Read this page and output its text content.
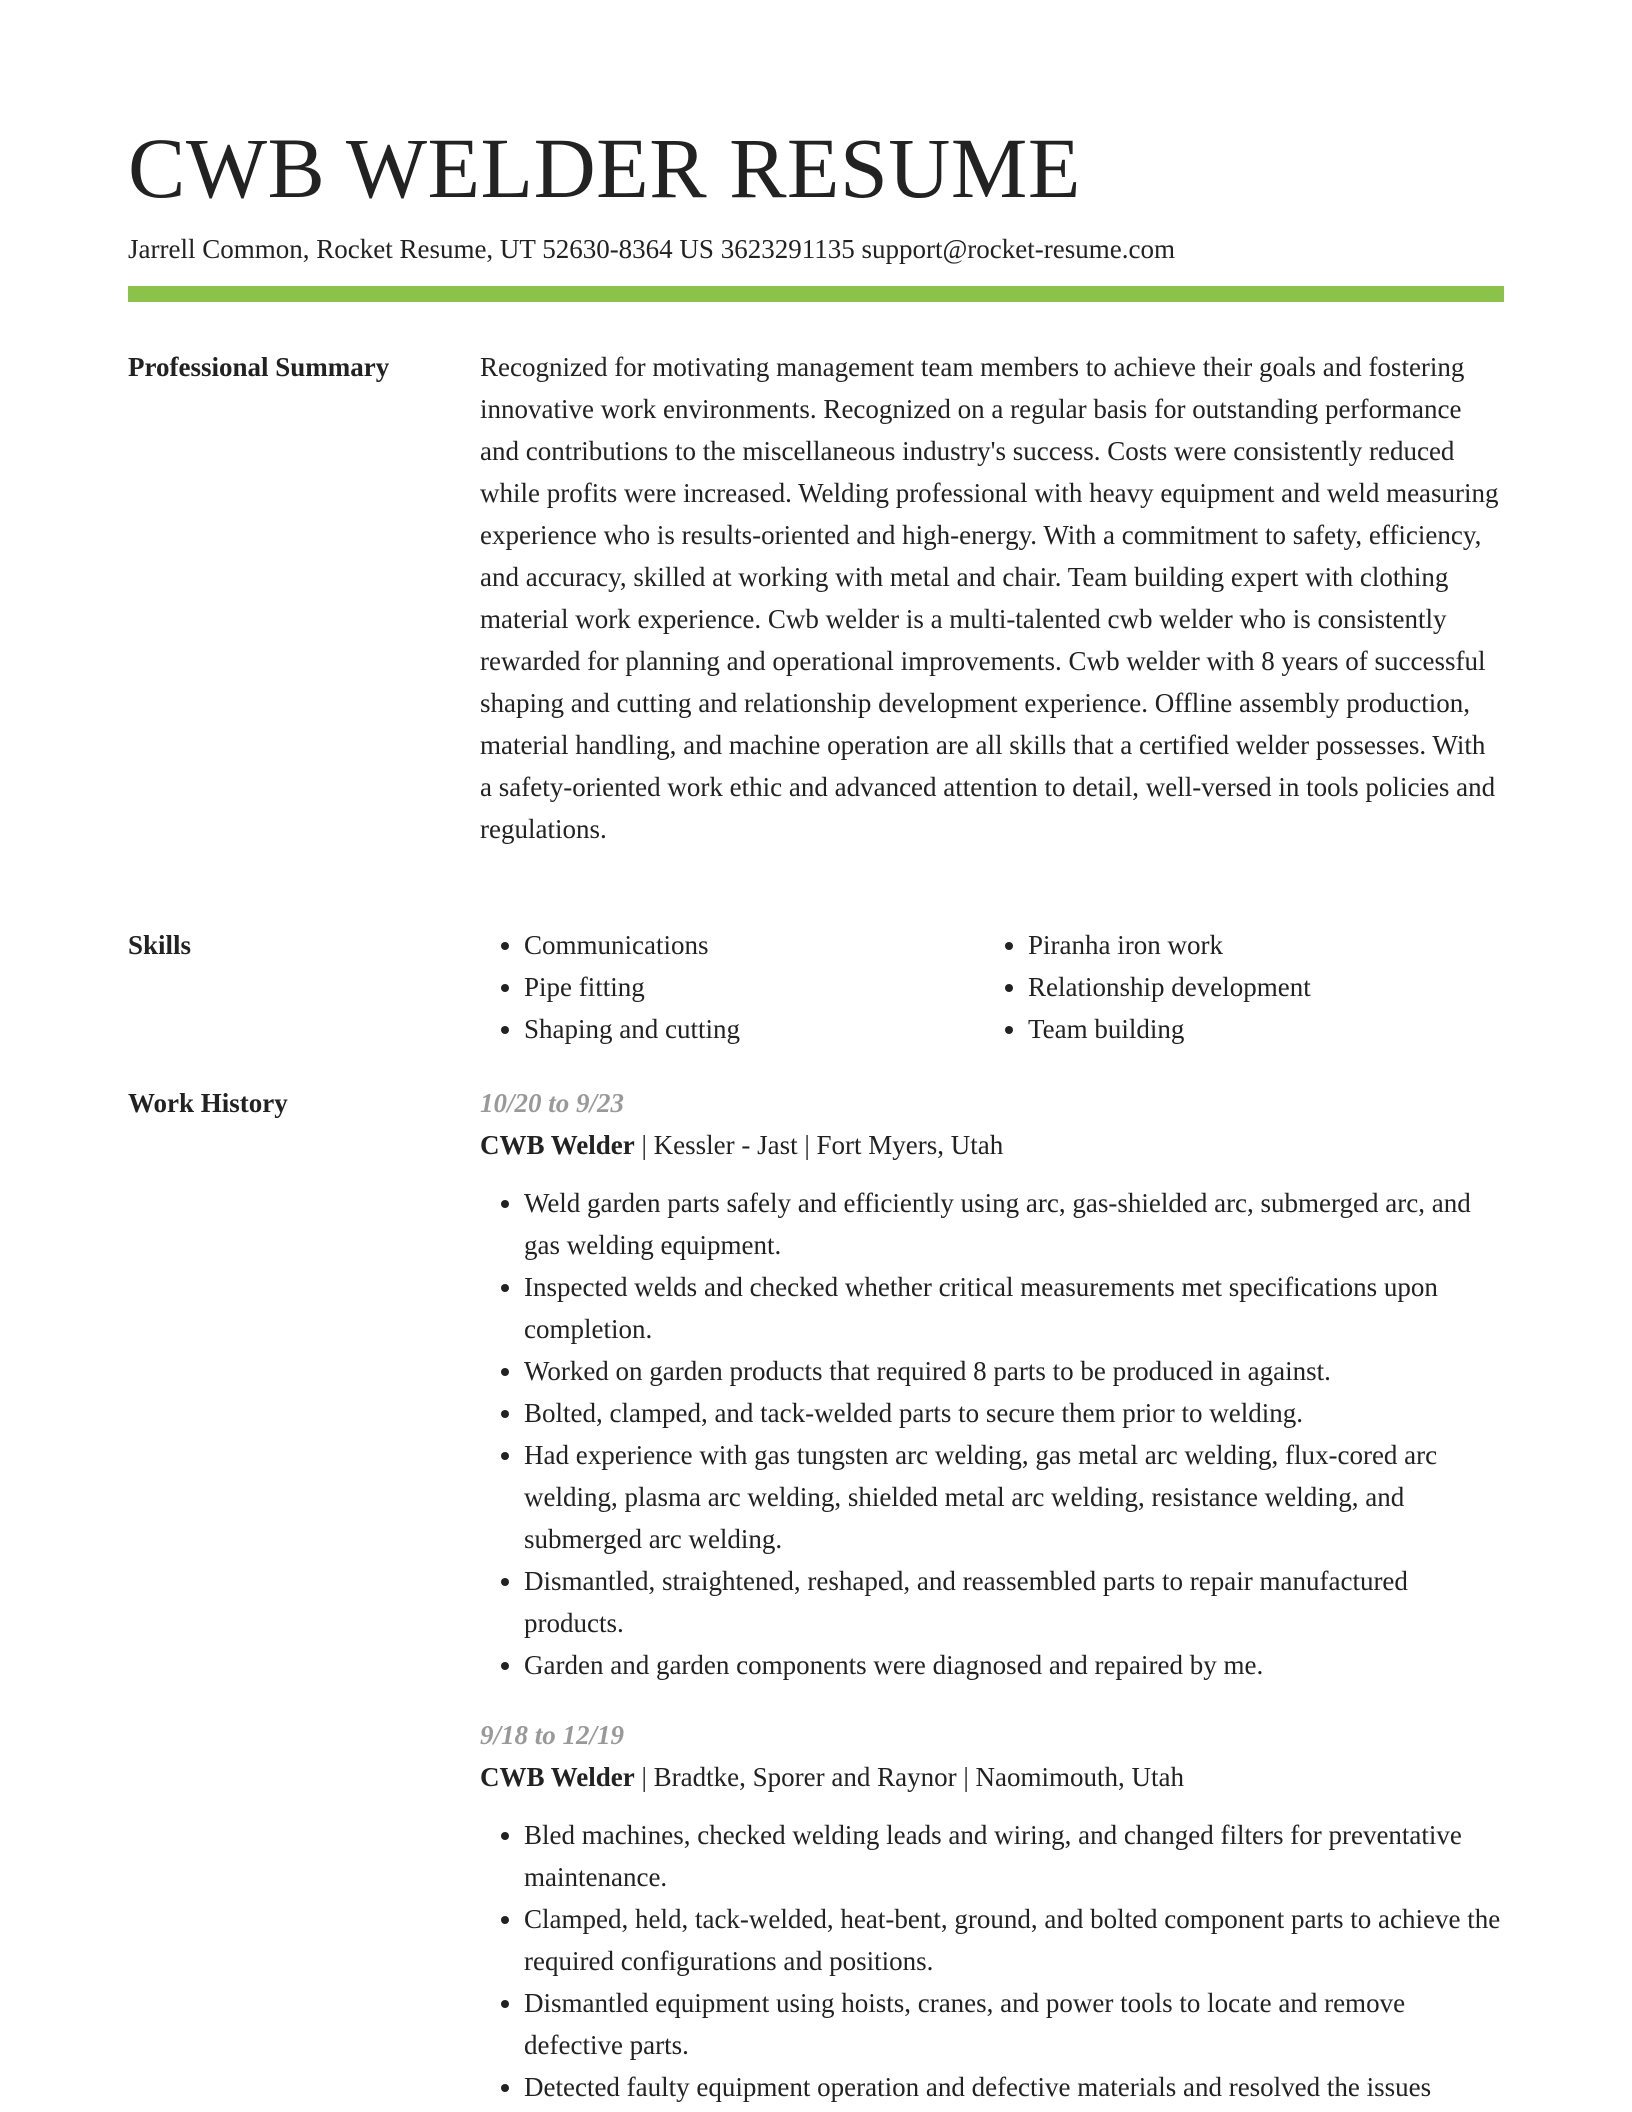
CWB WELDER RESUME
Jarrell Common, Rocket Resume, UT 52630-8364 US 3623291135 support@rocket-resume.com
Professional Summary	Recognized for motivating management team members to achieve their goals and fostering innovative work environments. Recognized on a regular basis for outstanding performance and contributions to the miscellaneous industry's success. Costs were consistently reduced while profits were increased. Welding professional with heavy equipment and weld measuring experience who is results-oriented and high-energy. With a commitment to safety, efficiency, and accuracy, skilled at working with metal and chair. Team building expert with clothing material work experience. Cwb welder is a multi-talented cwb welder who is consistently rewarded for planning and operational improvements. Cwb welder with 8 years of successful shaping and cutting and relationship development experience. Offline assembly production, material handling, and machine operation are all skills that a certified welder possesses. With a safety-oriented work ethic and advanced attention to detail, well-versed in tools policies and regulations.

Skills
•	Communications
• Pipe fitting
• Shaping and cutting
• Piranha iron work
• Relationship development
• Team building
Work History	10/20 to 9/23
CWB Welder | Kessler - Jast | Fort Myers, Utah
• Weld garden parts safely and efficiently using arc, gas-shielded arc, submerged arc, and gas welding equipment.
• Inspected welds and checked whether critical measurements met specifications upon completion.
• Worked on garden products that required 8 parts to be produced in against.
• Bolted, clamped, and tack-welded parts to secure them prior to welding.
• Had experience with gas tungsten arc welding, gas metal arc welding, flux-cored arc welding, plasma arc welding, shielded metal arc welding, resistance welding, and submerged arc welding.
• Dismantled, straightened, reshaped, and reassembled parts to repair manufactured products.
• Garden and garden components were diagnosed and repaired by me.
9/18 to 12/19
CWB Welder | Bradtke, Sporer and Raynor | Naomimouth, Utah
• Bled machines, checked welding leads and wiring, and changed filters for preventative maintenance.
• Clamped, held, tack-welded, heat-bent, ground, and bolted component parts to achieve the required configurations and positions.
• Dismantled equipment using hoists, cranes, and power tools to locate and remove defective parts.
• Detected faulty equipment operation and defective materials and resolved the issues
